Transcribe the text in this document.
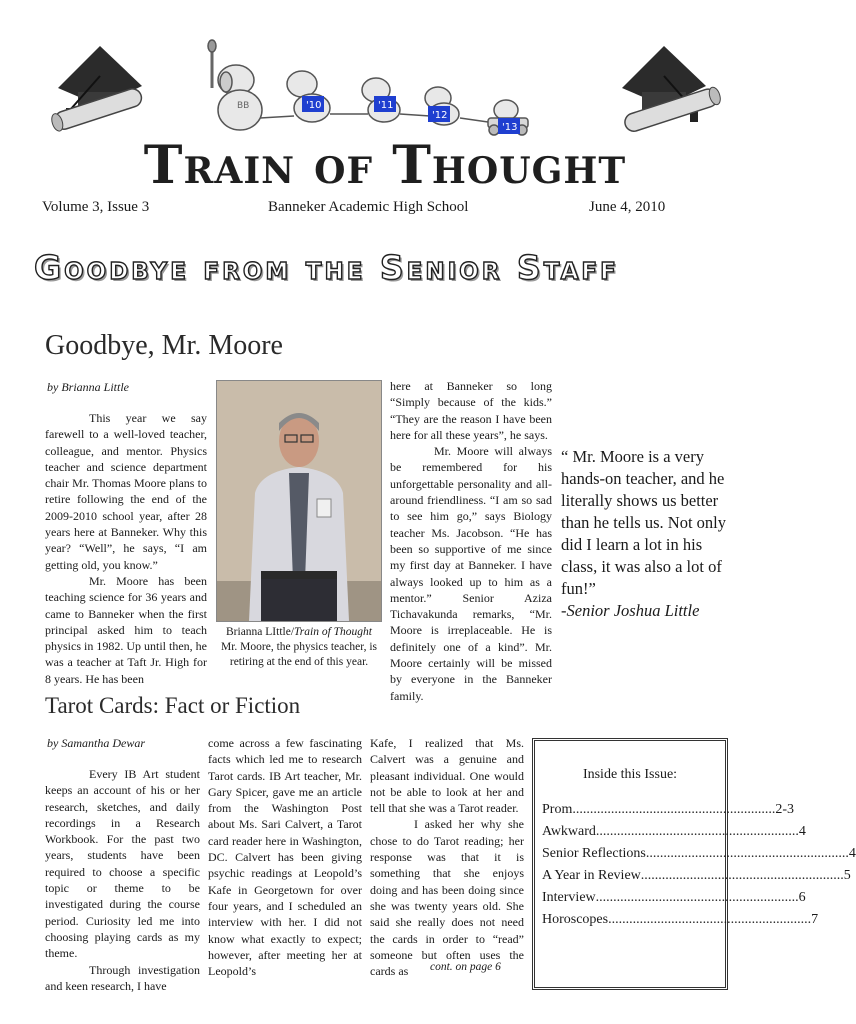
BB	'10	'11
'12
'13
Train of Thought
Volume 3, Issue 3	Banneker Academic High School	June 4, 2010
Goodbye from the Senior Staff
Goodbye, Mr. Moore
by Brianna Little

This year we say farewell to a well-loved teacher, colleague, and mentor. Physics teacher and science department chair Mr. Thomas Moore plans to retire following the end of the 2009-2010 school year, after 28 years here at Banneker. Why this year? “Well”, he says, “I am getting old, you know.”

Mr. Moore has been teaching science for 36 years and came to Banneker when the first principal asked him to teach physics in 1982. Up until then, he was a teacher at Taft Jr. High for 8 years. He has been

Brianna LIttle/Train of Thought
Mr. Moore, the physics teacher, is retiring at the end of this year.

here at Banneker so long “Simply because of the kids.” “They are the reason I have been here for all these years”, he says.

Mr. Moore will always be remembered for his unforgettable personality and all-around friendliness. “I am so sad to see him go,” says Biology teacher Ms. Jacobson. “He has been so supportive of me since my first day at Banneker. I have always looked up to him as a mentor.” Senior Aziza Tichavakunda remarks, “Mr. Moore is irreplaceable. He is definitely one of a kind”. Mr. Moore certainly will be missed by everyone in the Banneker family.

“ Mr. Moore is a very hands-on teacher, and he literally shows us better than he tells us. Not only did I learn a lot in his class, it was also a lot of fun!”
-Senior Joshua Little
Tarot Cards: Fact or Fiction
by Samantha Dewar

Every IB Art student keeps an account of his or her research, sketches, and daily recordings in a Research Workbook. For the past two years, students have been required to choose a specific topic or theme to be investigated during the course period. Curiosity led me into choosing playing cards as my theme.

Through investigation and keen research, I have

come across a few fascinating facts which led me to research Tarot cards. IB Art teacher, Mr. Gary Spicer, gave me an article from the Washington Post about Ms. Sari Calvert, a Tarot card reader here in Washington, DC. Calvert has been giving psychic readings at Leopold’s Kafe in Georgetown for over four years, and I scheduled an interview with her. I did not know what exactly to expect; however, after meeting her at Leopold’s

Kafe, I realized that Ms. Calvert was a genuine and pleasant individual. One would not be able to look at her and tell that she was a Tarot reader.

I asked her why she chose to do Tarot reading; her response was that it is something that she enjoys doing and has been doing since she was twenty years old. She said she really does not need the cards in order to “read” someone but often uses the cards as	cont. on page 6
Inside this Issue:
Prom .......................................................... 2-3
Awkward .......................................................... 4
Senior Reflections .......................................................... 4
A Year in Review .......................................................... 5
Interview .......................................................... 6
Horoscopes .......................................................... 7
